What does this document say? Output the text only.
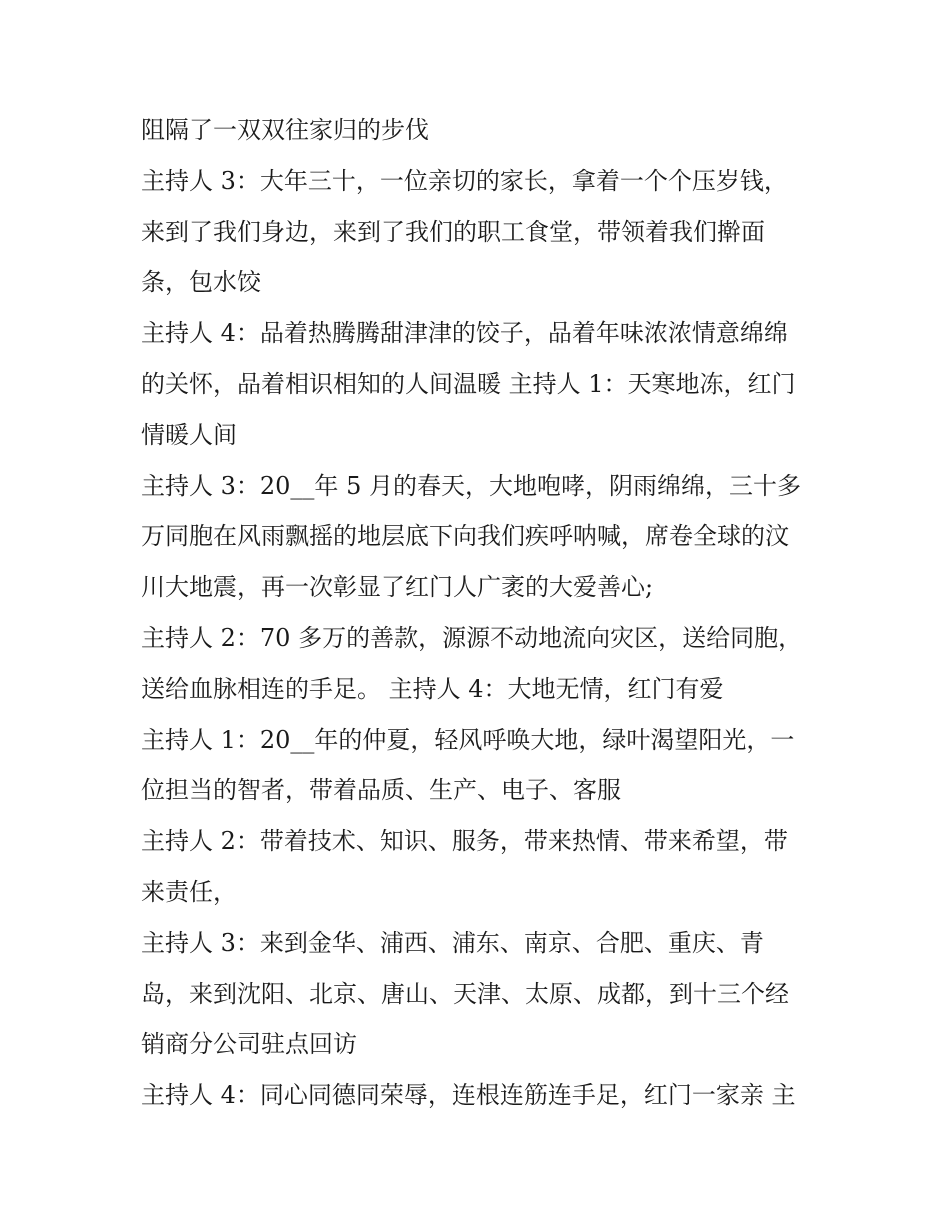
阻隔了一双双往家归的步伐
主持人 3：大年三十，一位亲切的家长，拿着一个个压岁钱，
来到了我们身边，来到了我们的职工食堂，带领着我们擀面
条，包水饺
主持人 4：品着热腾腾甜津津的饺子，品着年味浓浓情意绵绵
的关怀，品着相识相知的人间温暖 主持人 1：天寒地冻，红门
情暖人间
主持人 3：20__年 5 月的春天，大地咆哮，阴雨绵绵，三十多
万同胞在风雨飘摇的地层底下向我们疾呼呐喊，席卷全球的汶
川大地震，再一次彰显了红门人广袤的大爱善心;
主持人 2：70 多万的善款，源源不动地流向灾区，送给同胞，
送给血脉相连的手足。 主持人 4：大地无情，红门有爱
主持人 1：20__年的仲夏，轻风呼唤大地，绿叶渴望阳光，一
位担当的智者，带着品质、生产、电子、客服
主持人 2：带着技术、知识、服务，带来热情、带来希望，带
来责任，
主持人 3：来到金华、浦西、浦东、南京、合肥、重庆、青
岛，来到沈阳、北京、唐山、天津、太原、成都，到十三个经
销商分公司驻点回访
主持人 4：同心同德同荣辱，连根连筋连手足，红门一家亲 主
